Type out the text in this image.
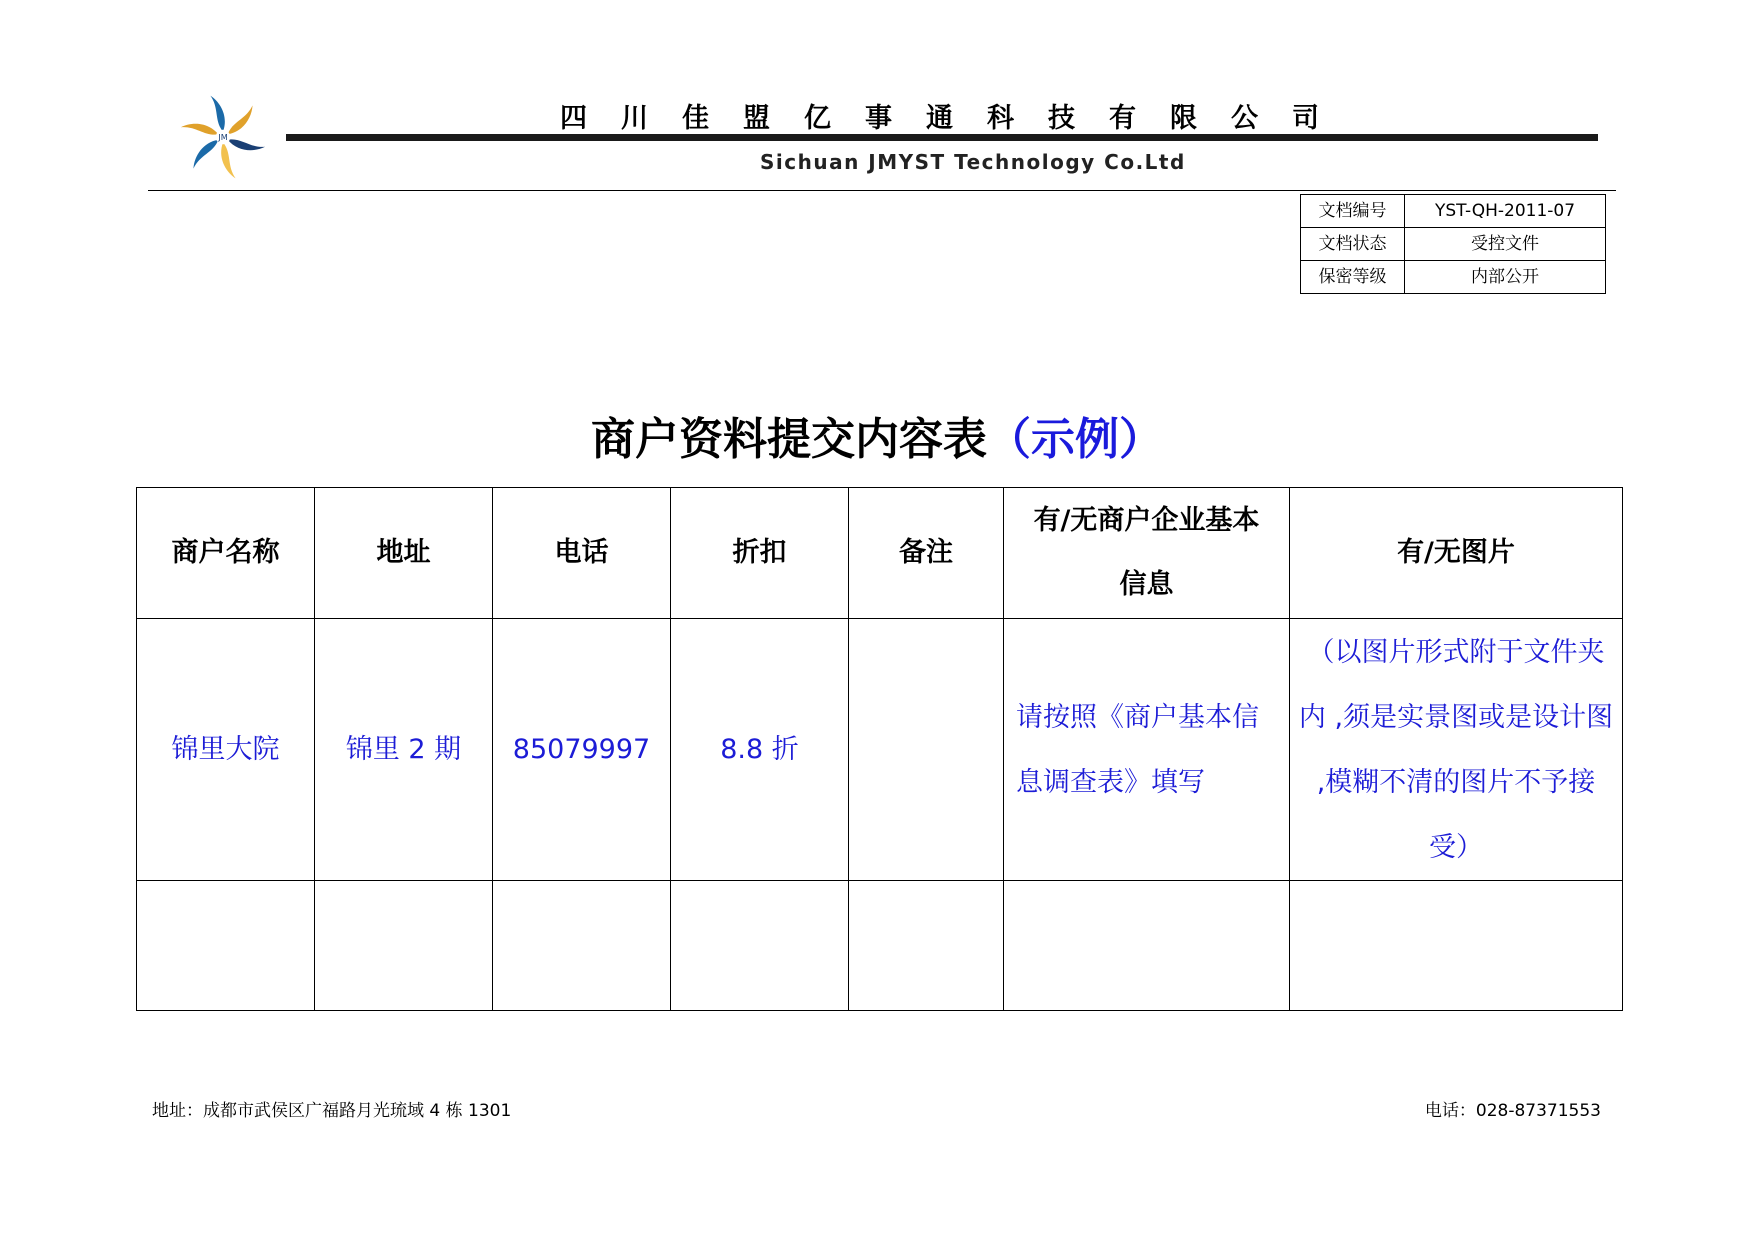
JM
四川佳盟亿事通科技有限公司
Sichuan JMYST Technology Co.Ltd
文档编号	YST-QH-2011-07
文档状态	受控文件
保密等级	内部公开
商户资料提交内容表（示例）
商户名称	地址	电话	折扣	备注	有/无商户企业基本信息	有/无图片
锦里大院	锦里 2 期	85079997	8.8 折		请按照《商户基本信息调查表》填写	（以图片形式附于文件夹内 ,须是实景图或是设计图 ,模糊不清的图片不予接受）

地址：成都市武侯区广福路月光琉域 4 栋 1301	电话：028-87371553
